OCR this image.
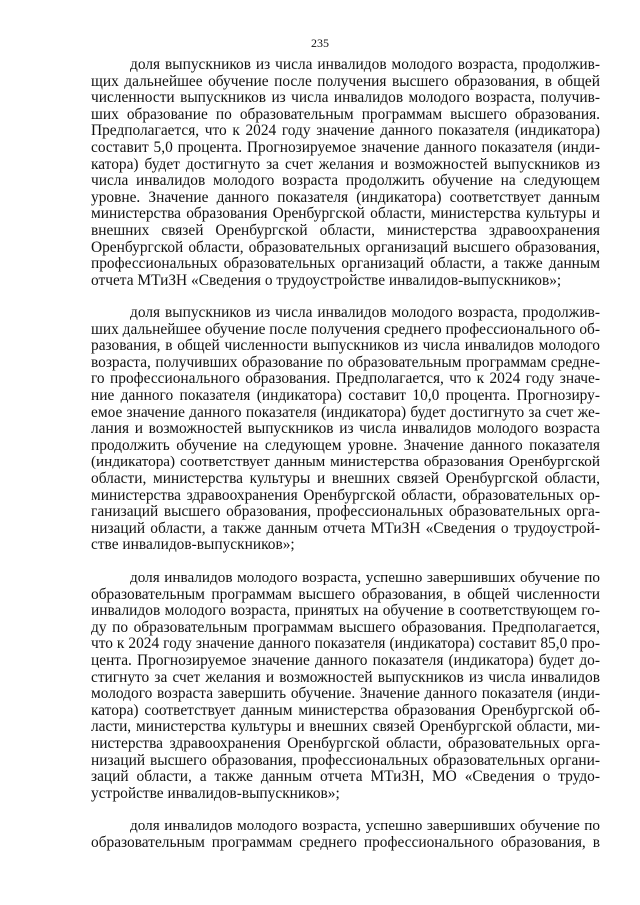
235
доля выпускников из числа инвалидов молодого возраста, продолжив-
щих дальнейшее обучение после получения высшего образования, в общей
численности выпускников из числа инвалидов молодого возраста, получив-
ших образование по образовательным программам высшего образования.
Предполагается, что к 2024 году значение данного показателя (индикатора)
составит 5,0 процента. Прогнозируемое значение данного показателя (инди-
катора) будет достигнуто за счет желания и возможностей выпускников из
числа инвалидов молодого возраста продолжить обучение на следующем
уровне. Значение данного показателя (индикатора) соответствует данным
министерства образования Оренбургской области, министерства культуры и
внешних связей Оренбургской области, министерства здравоохранения
Оренбургской области, образовательных организаций высшего образования,
профессиональных образовательных организаций области, а также данным
отчета МТиЗН «Сведения о трудоустройстве инвалидов-выпускников»;
доля выпускников из числа инвалидов молодого возраста, продолжив-
ших дальнейшее обучение после получения среднего профессионального об-
разования, в общей численности выпускников из числа инвалидов молодого
возраста, получивших образование по образовательным программам средне-
го профессионального образования. Предполагается, что к 2024 году значе-
ние данного показателя (индикатора) составит 10,0 процента. Прогнозиру-
емое значение данного показателя (индикатора) будет достигнуто за счет же-
лания и возможностей выпускников из числа инвалидов молодого возраста
продолжить обучение на следующем уровне. Значение данного показателя
(индикатора) соответствует данным министерства образования Оренбургской
области, министерства культуры и внешних связей Оренбургской области,
министерства здравоохранения Оренбургской области, образовательных ор-
ганизаций высшего образования, профессиональных образовательных орга-
низаций области, а также данным отчета МТиЗН «Сведения о трудоустрой-
стве инвалидов-выпускников»;
доля инвалидов молодого возраста, успешно завершивших обучение по
образовательным программам высшего образования, в общей численности
инвалидов молодого возраста, принятых на обучение в соответствующем го-
ду по образовательным программам высшего образования. Предполагается,
что к 2024 году значение данного показателя (индикатора) составит 85,0 про-
цента. Прогнозируемое значение данного показателя (индикатора) будет до-
стигнуто за счет желания и возможностей выпускников из числа инвалидов
молодого возраста завершить обучение. Значение данного показателя (инди-
катора) соответствует данным министерства образования Оренбургской об-
ласти, министерства культуры и внешних связей Оренбургской области, ми-
нистерства здравоохранения Оренбургской области, образовательных орга-
низаций высшего образования, профессиональных образовательных органи-
заций области, а также данным отчета МТиЗН, МО «Сведения о трудо-
устройстве инвалидов-выпускников»;
доля инвалидов молодого возраста, успешно завершивших обучение по
образовательным программам среднего профессионального образования, в
